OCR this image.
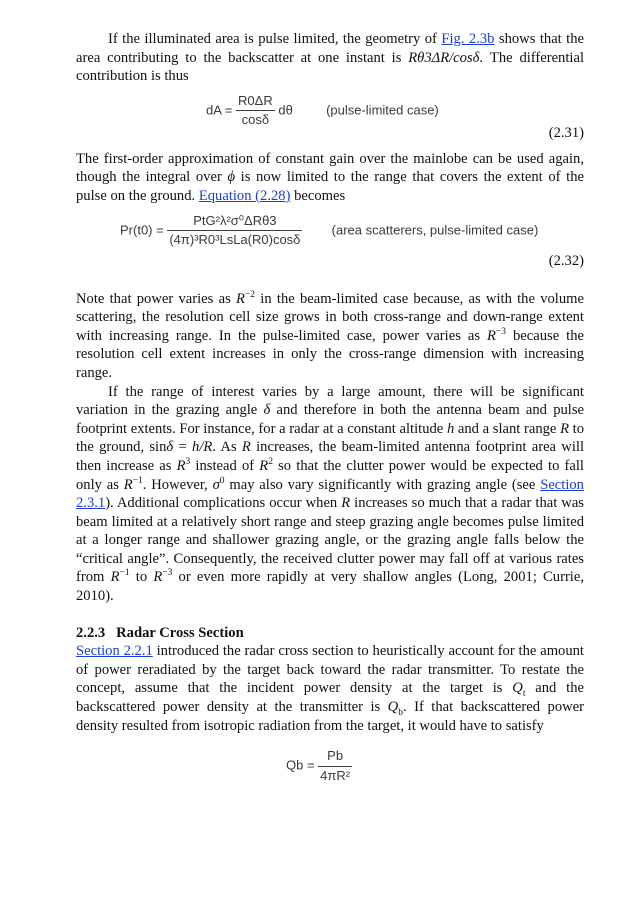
If the illuminated area is pulse limited, the geometry of Fig. 2.3b shows that the area contributing to the backscatter at one instant is Rθ3ΔR/cosδ. The differential contribution is thus

dA = $\frac{R0\Delta R}{\cos\delta}$ dθ	(pulse-limited case)
(2.31)

The first-order approximation of constant gain over the mainlobe can be used again, though the integral over ϕ is now limited to the range that covers the extent of the pulse on the ground. Equation (2.28) becomes

$Pr(t0) = \frac{\text{PtG²λ²σ⁰ΔRθ3}}{\text{(4π)³R0³LsLa(R0)cosδ}}$ (area scatterers, pulse-limited case)
(2.32)

Note that power varies as $R^{-2}$ in the beam-limited case because, as with the volume scattering, the resolution cell size grows in both cross-range and down-range extent with increasing range. In the pulse-limited case, power varies as $R^{-3}$ because the resolution cell extent increases in only the cross-range dimension with increasing range.

If the range of interest varies by a large amount, there will be significant variation in the grazing angle δ and therefore in both the antenna beam and pulse footprint extents. For instance, for a radar at a constant altitude h and a slant range R to the ground, sinδ = h/R. As R increases, the beam-limited antenna footprint area will then increase as $R^3$ instead of $R^2$ so that the clutter power would be expected to fall only as $R^{-1}$. However, $\sigma^0$ may also vary significantly with grazing angle (see Section 2.3.1). Additional complications occur when R increases so much that a radar that was beam limited at a relatively short range and steep grazing angle becomes pulse limited at a longer range and shallower grazing angle, or the grazing angle falls below the “critical angle”. Consequently, the received clutter power may fall off at various rates from $R^{-1}$ to $R^{-3}$ or even more rapidly at very shallow angles (Long, 2001; Currie, 2010).

2.2.3   Radar Cross Section

Section 2.2.1 introduced the radar cross section to heuristically account for the amount of power reradiated by the target back toward the radar transmitter. To restate the concept, assume that the incident power density at the target is $Q_t$ and the backscattered power density at the transmitter is $Q_b$. If that backscattered power density resulted from isotropic radiation from the target, it would have to satisfy

$Qb = \frac{Pb}{\text{4πR²}}$
